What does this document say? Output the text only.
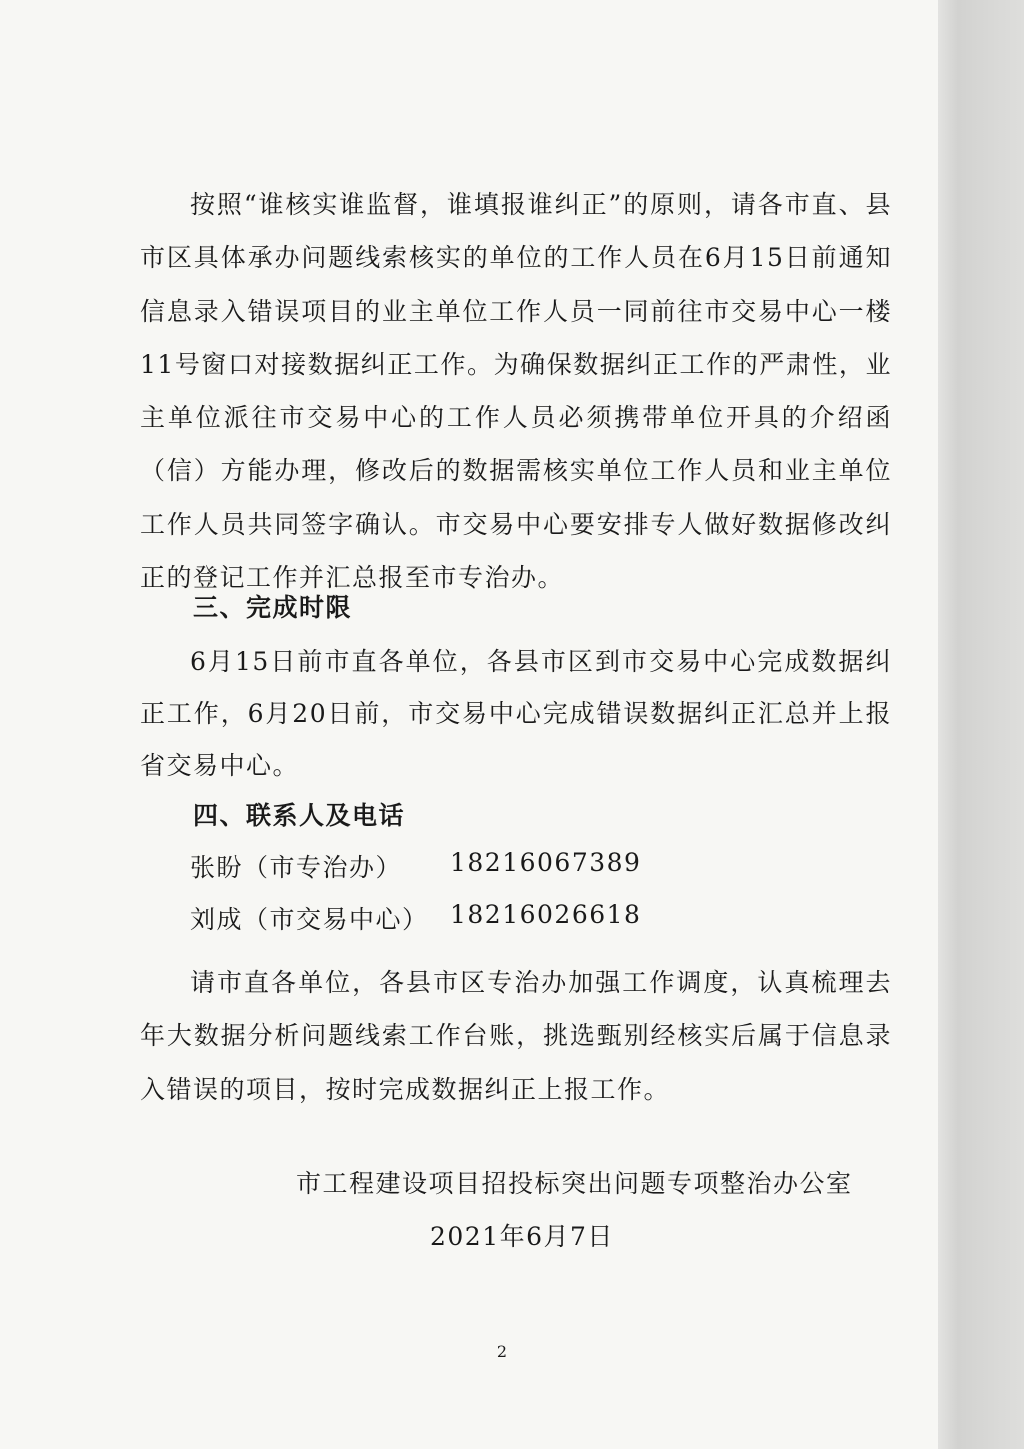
按照“谁核实谁监督，谁填报谁纠正”的原则，请各市直、县市区具体承办问题线索核实的单位的工作人员在6月15日前通知信息录入错误项目的业主单位工作人员一同前往市交易中心一楼11号窗口对接数据纠正工作。为确保数据纠正工作的严肃性，业主单位派往市交易中心的工作人员必须携带单位开具的介绍函（信）方能办理，修改后的数据需核实单位工作人员和业主单位工作人员共同签字确认。市交易中心要安排专人做好数据修改纠正的登记工作并汇总报至市专治办。

三、完成时限

6月15日前市直各单位，各县市区到市交易中心完成数据纠正工作，6月20日前，市交易中心完成错误数据纠正汇总并上报省交易中心。

四、联系人及电话
张盼（市专治办） 18216067389
刘成（市交易中心） 18216026618

请市直各单位，各县市区专治办加强工作调度，认真梳理去年大数据分析问题线索工作台账，挑选甄别经核实后属于信息录入错误的项目，按时完成数据纠正上报工作。

市工程建设项目招投标突出问题专项整治办公室
2021年6月7日
2
